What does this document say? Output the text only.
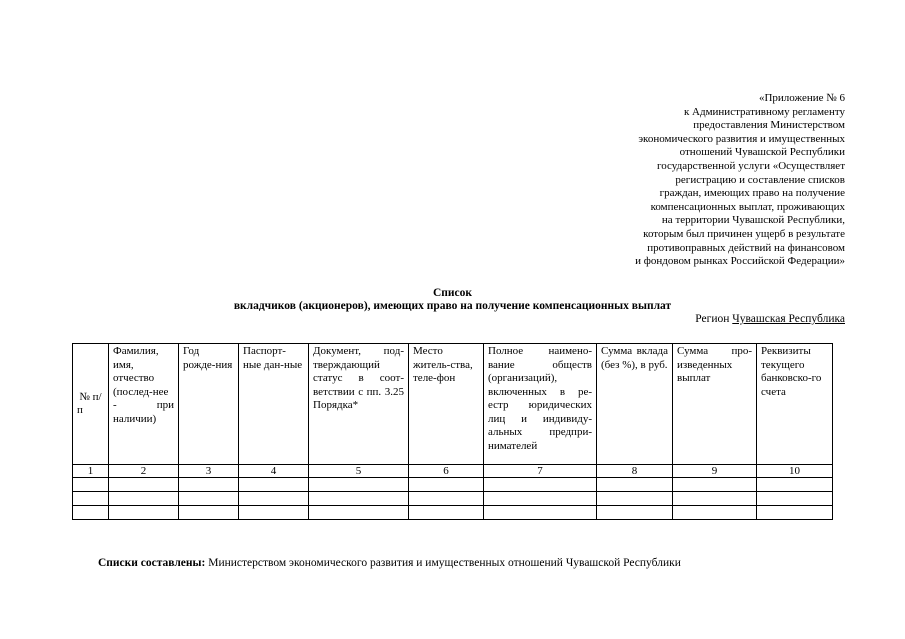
«Приложение № 6
к Административному регламенту
предоставления Министерством
экономического развития и имущественных
отношений Чувашской Республики
государственной услуги «Осуществляет
регистрацию и составление списков
граждан, имеющих право на получение
компенсационных выплат, проживающих
на территории Чувашской Республики,
которым был причинен ущерб в результате
противоправных действий на финансовом
и фондовом рынках Российской Федерации»
Список
вкладчиков (акционеров), имеющих право на получение компенсационных выплат
Регион Чувашская Республика
№ п/п	Фамилия, имя, отчество (послед-нее - при наличии)	Год рожде-ния	Паспорт-ные дан-ные	Документ, под-тверждающий статус в соот-ветствии с пп. 3.25 Порядка*	Место житель-ства, теле-фон	Полное наимено-вание обществ (организаций), включенных в ре-естр юридических лиц и индивиду-альных предпри-нимателей	Сумма вклада (без %), в руб.	Сумма про-изведенных выплат	Реквизиты текущего банковско-го счета
1	2	3	4	5	6	7	8	9	10

Списки составлены: Министерством экономического развития и имущественных отношений Чувашской Республики
